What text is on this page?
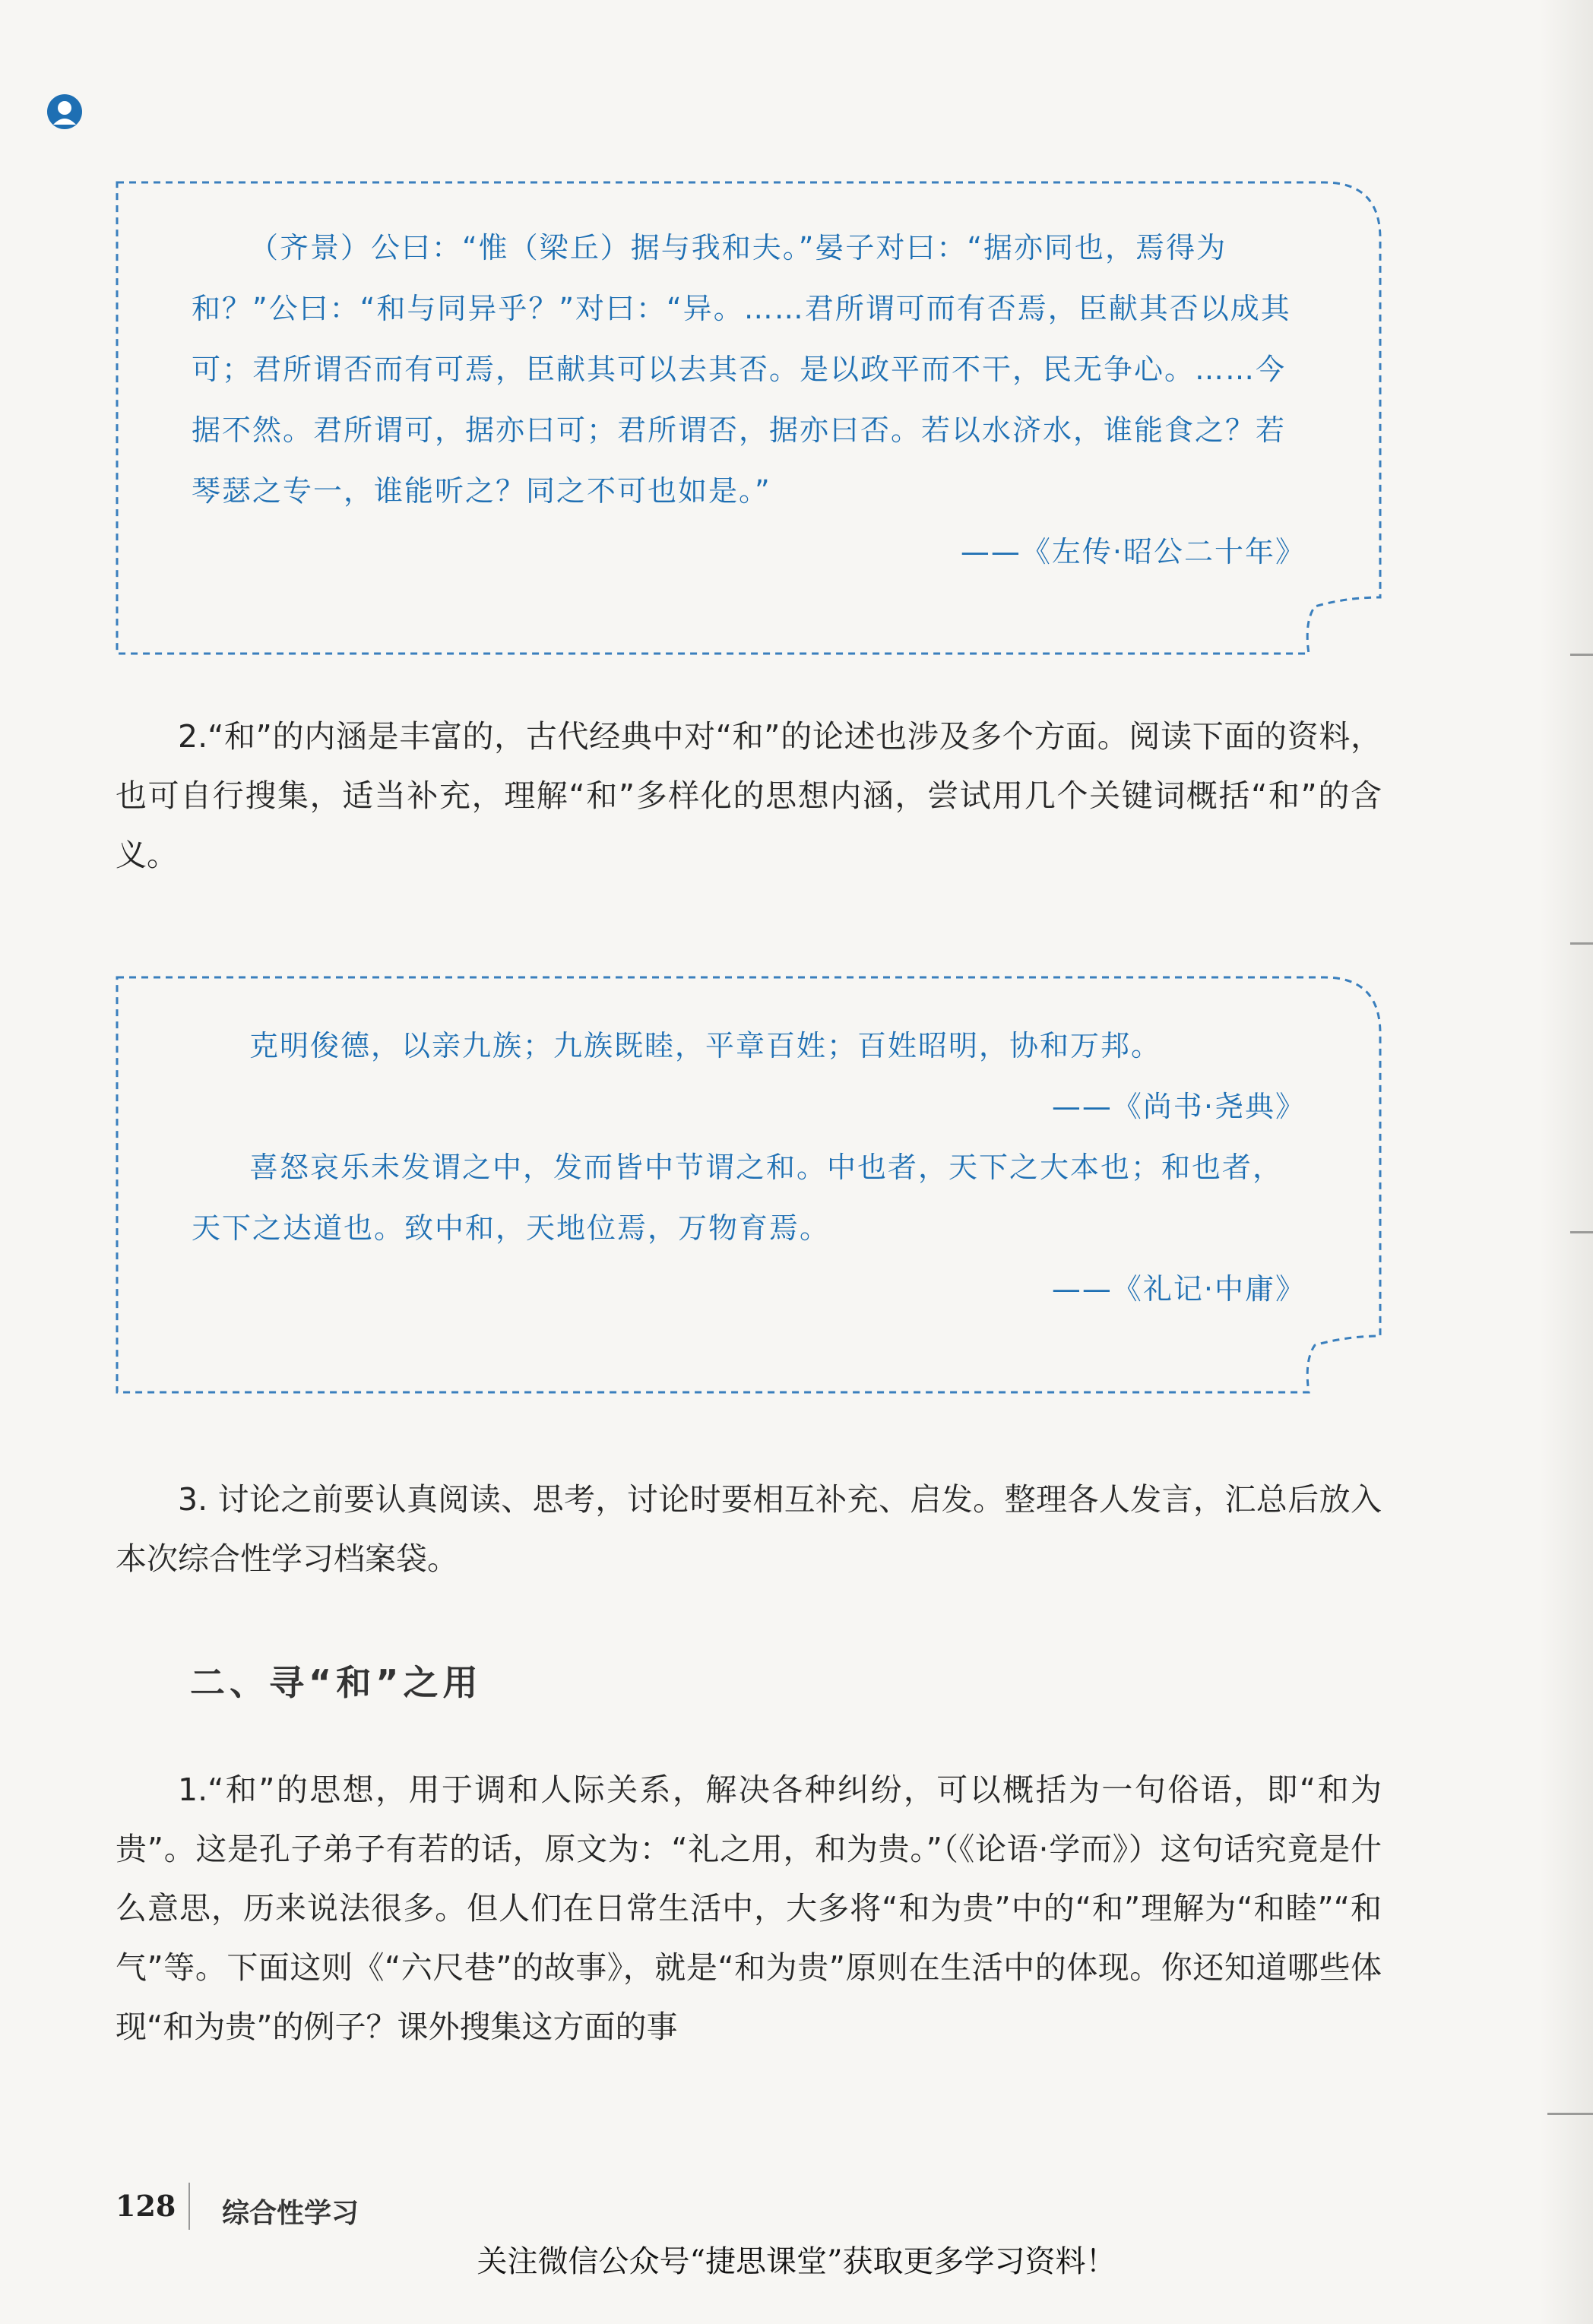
（齐景）公曰：“惟（梁丘）据与我和夫。”晏子对曰：“据亦同也，焉得为和？”公曰：“和与同异乎？”对曰：“异。……君所谓可而有否焉，臣献其否以成其可；君所谓否而有可焉，臣献其可以去其否。是以政平而不干，民无争心。……今据不然。君所谓可，据亦曰可；君所谓否，据亦曰否。若以水济水，谁能食之？若琴瑟之专一，谁能听之？同之不可也如是。”

——《左传·昭公二十年》

2.“和”的内涵是丰富的，古代经典中对“和”的论述也涉及多个方面。阅读下面的资料，也可自行搜集，适当补充，理解“和”多样化的思想内涵，尝试用几个关键词概括“和”的含义。

克明俊德，以亲九族；九族既睦，平章百姓；百姓昭明，协和万邦。

——《尚书·尧典》

喜怒哀乐未发谓之中，发而皆中节谓之和。中也者，天下之大本也；和也者，天下之达道也。致中和，天地位焉，万物育焉。

——《礼记·中庸》

3. 讨论之前要认真阅读、思考，讨论时要相互补充、启发。整理各人发言，汇总后放入本次综合性学习档案袋。

二、寻“和”之用

1.“和”的思想，用于调和人际关系，解决各种纠纷，可以概括为一句俗语，即“和为贵”。这是孔子弟子有若的话，原文为：“礼之用，和为贵。”（《论语·学而》）这句话究竟是什么意思，历来说法很多。但人们在日常生活中，大多将“和为贵”中的“和”理解为“和睦”“和气”等。下面这则《“六尺巷”的故事》，就是“和为贵”原则在生活中的体现。你还知道哪些体现“和为贵”的例子？课外搜集这方面的事

128 综合性学习
关注微信公众号“捷思课堂”获取更多学习资料！
